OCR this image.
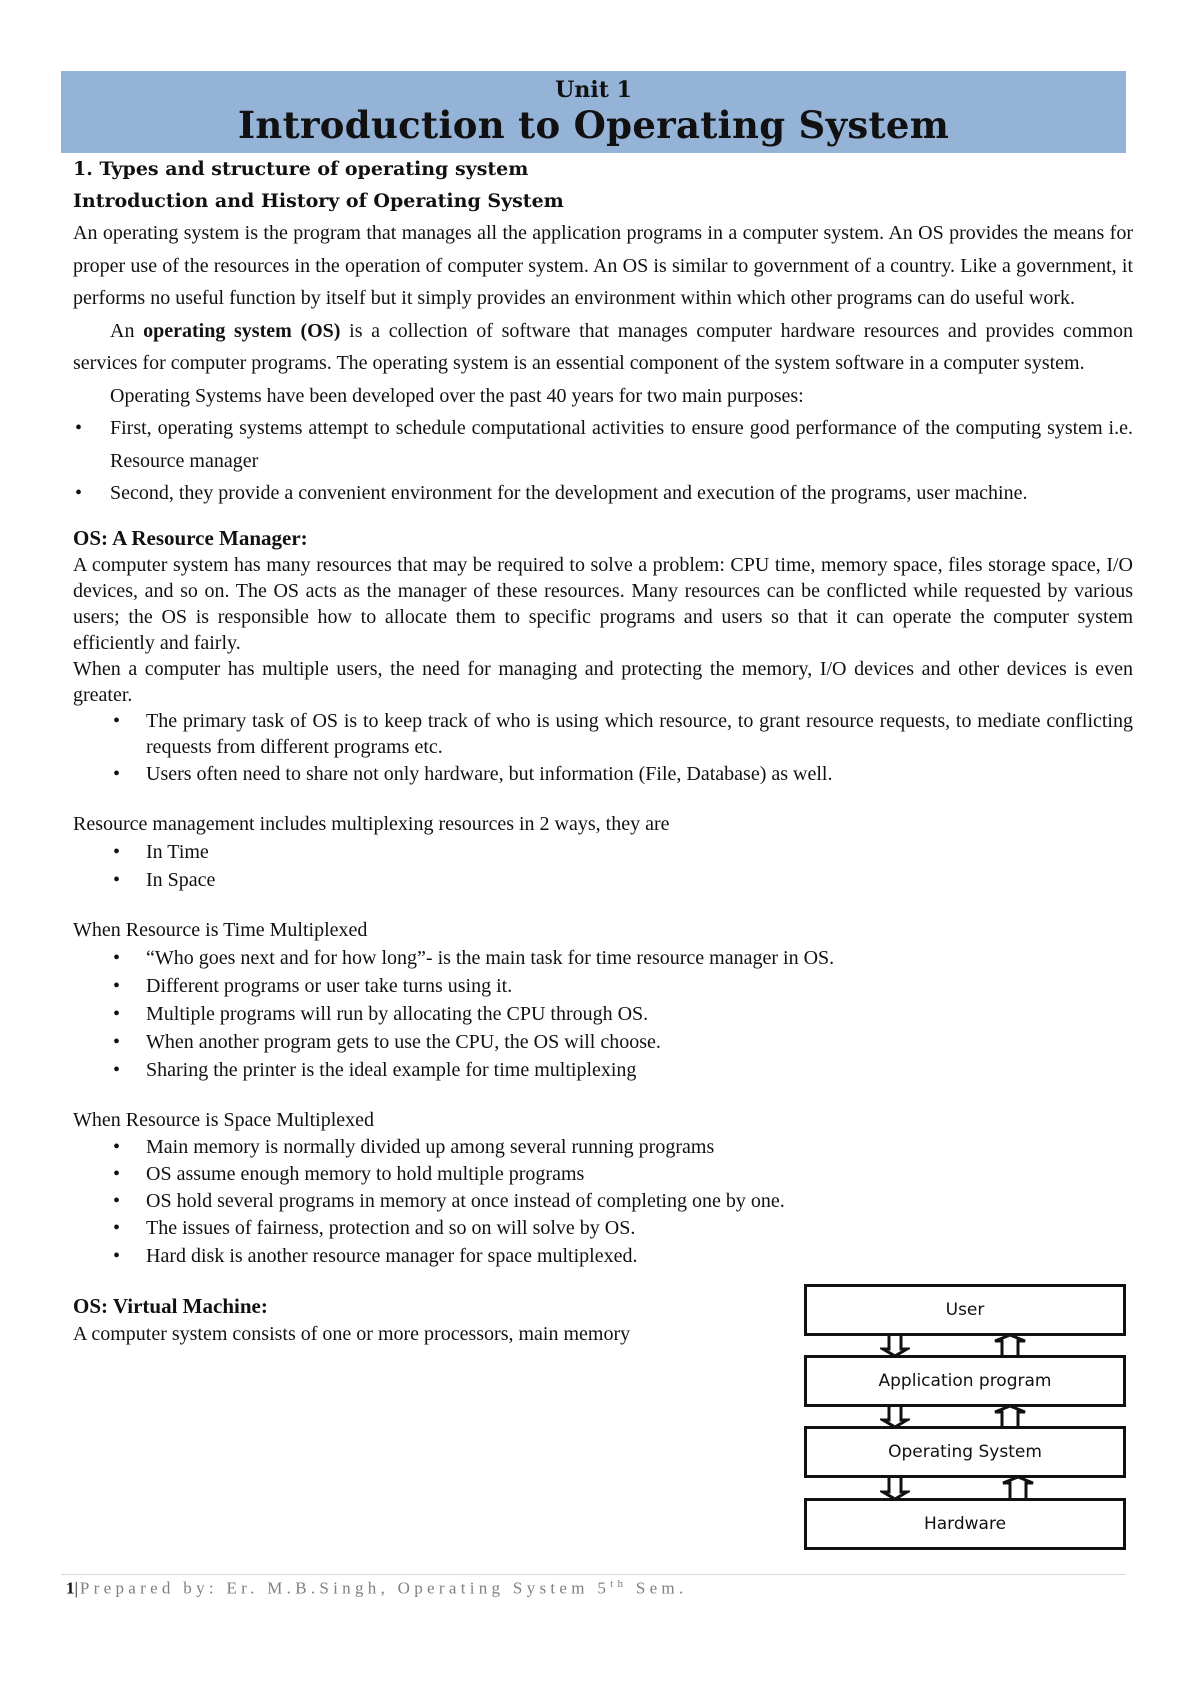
Unit 1
Introduction to Operating System

1. Types and structure of operating system

Introduction and History of Operating System

An operating system is the program that manages all the application programs in a computer system. An OS provides the means for proper use of the resources in the operation of computer system. An OS is similar to government of a country. Like a government, it performs no useful function by itself but it simply provides an environment within which other programs can do useful work.

An operating system (OS) is a collection of software that manages computer hardware resources and provides common services for computer programs. The operating system is an essential component of the system software in a computer system.

Operating Systems have been developed over the past 40 years for two main purposes:

• First, operating systems attempt to schedule computational activities to ensure good performance of the computing system i.e. Resource manager
• Second, they provide a convenient environment for the development and execution of the programs, user machine.

OS: A Resource Manager:

A computer system has many resources that may be required to solve a problem: CPU time, memory space, files storage space, I/O devices, and so on. The OS acts as the manager of these resources. Many resources can be conflicted while requested by various users; the OS is responsible how to allocate them to specific programs and users so that it can operate the computer system efficiently and fairly.

When a computer has multiple users, the need for managing and protecting the memory, I/O devices and other devices is even greater.

• The primary task of OS is to keep track of who is using which resource, to grant resource requests, to mediate conflicting requests from different programs etc.
• Users often need to share not only hardware, but information (File, Database) as well.

Resource management includes multiplexing resources in 2 ways, they are

• In Time
• In Space

When Resource is Time Multiplexed

• “Who goes next and for how long”- is the main task for time resource manager in OS.
• Different programs or user take turns using it.
• Multiple programs will run by allocating the CPU through OS.
• When another program gets to use the CPU, the OS will choose.
• Sharing the printer is the ideal example for time multiplexing

When Resource is Space Multiplexed

• Main memory is normally divided up among several running programs
• OS assume enough memory to hold multiple programs
• OS hold several programs in memory at once instead of completing one by one.
• The issues of fairness, protection and so on will solve by OS.
• Hard disk is another resource manager for space multiplexed.

OS: Virtual Machine:

A computer system consists of one or more processors, main memory

User
Application program
Operating System
Hardware
1| Prepared by: Er. M.B.Singh, Operating System 5th Sem.
